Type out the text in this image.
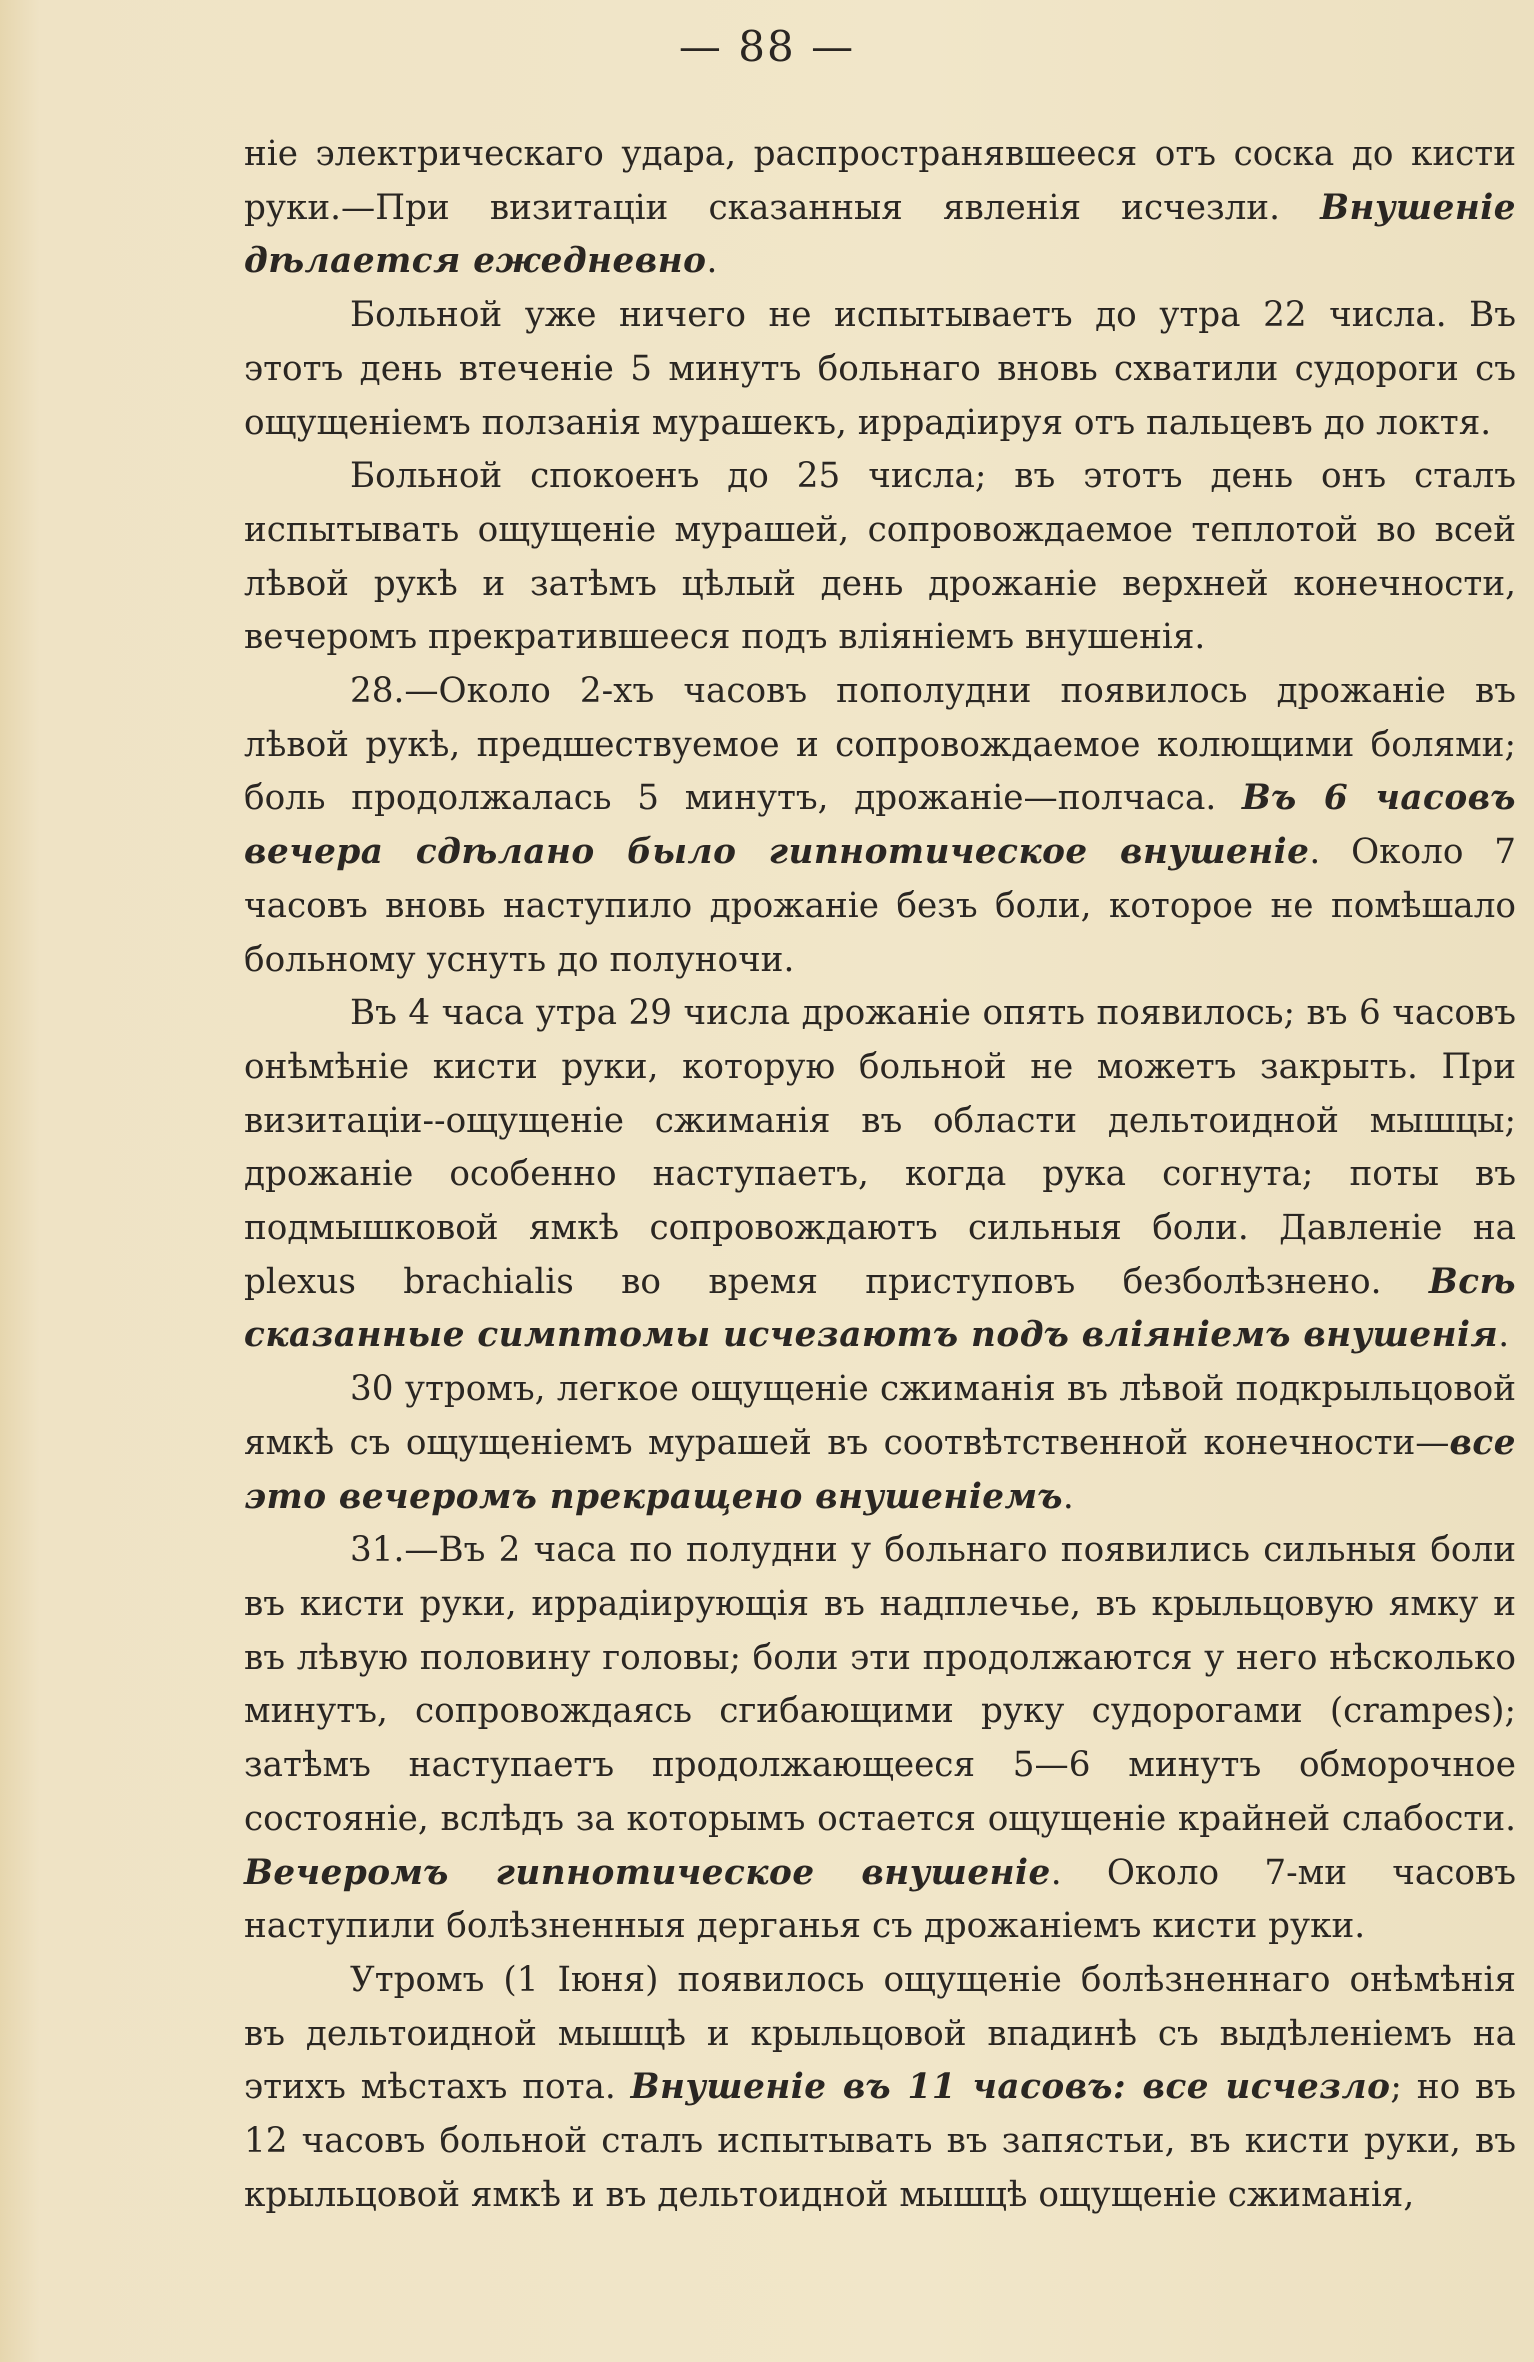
— 88 —

ніе электрическаго удара, распространявшееся отъ соска до кисти руки.—При визитаціи сказанныя явленія исчезли. Внушеніе дѣлается ежедневно.

Больной уже ничего не испытываетъ до утра 22 числа. Въ этотъ день втеченіе 5 минутъ больнаго вновь схватили судороги съ ощущеніемъ ползанія мурашекъ, иррадіируя отъ пальцевъ до локтя.

Больной спокоенъ до 25 числа; въ этотъ день онъ сталъ испытывать ощущеніе мурашей, сопровождаемое теплотой во всей лѣвой рукѣ и затѣмъ цѣлый день дрожаніе верхней конечности, вечеромъ прекратившееся подъ вліяніемъ внушенія.

28.—Около 2-хъ часовъ пополудни появилось дрожаніе въ лѣвой рукѣ, предшествуемое и сопровождаемое колющими болями; боль продолжалась 5 минутъ, дрожаніе—полчаса. Въ 6 часовъ вечера сдѣлано было гипнотическое внушеніе. Около 7 часовъ вновь наступило дрожаніе безъ боли, которое не помѣшало больному уснуть до полуночи.

Въ 4 часа утра 29 числа дрожаніе опять появилось; въ 6 часовъ онѣмѣніе кисти руки, которую больной не можетъ закрыть. При визитаціи--ощущеніе сжиманія въ области дельтоидной мышцы; дрожаніе особенно наступаетъ, когда рука согнута; поты въ подмышковой ямкѣ сопровождаютъ сильныя боли. Давленіе на plexus brachialis во время приступовъ безболѣзнено. Всѣ сказанные симптомы исчезаютъ подъ вліяніемъ внушенія.

30 утромъ, легкое ощущеніе сжиманія въ лѣвой подкрыльцовой ямкѣ съ ощущеніемъ мурашей въ соотвѣтственной конечности—все это вечеромъ прекращено внушеніемъ.

31.—Въ 2 часа по полудни у больнаго появились сильныя боли въ кисти руки, иррадіирующія въ надплечье, въ крыльцовую ямку и въ лѣвую половину головы; боли эти продолжаются у него нѣсколько минутъ, сопровождаясь сгибающими руку судорогами (crampes); затѣмъ наступаетъ продолжающееся 5—6 минутъ обморочное состояніе, вслѣдъ за которымъ остается ощущеніе крайней слабости. Вечеромъ гипнотическое внушеніе. Около 7-ми часовъ наступили болѣзненныя дерганья съ дрожаніемъ кисти руки.

Утромъ (1 Іюня) появилось ощущеніе болѣзненнаго онѣмѣнія въ дельтоидной мышцѣ и крыльцовой впадинѣ съ выдѣленіемъ на этихъ мѣстахъ пота. Внушеніе въ 11 часовъ: все исчезло; но въ 12 часовъ больной сталъ испытывать въ запястьи, въ кисти руки, въ крыльцовой ямкѣ и въ дельтоидной мышцѣ ощущеніе сжиманія,
